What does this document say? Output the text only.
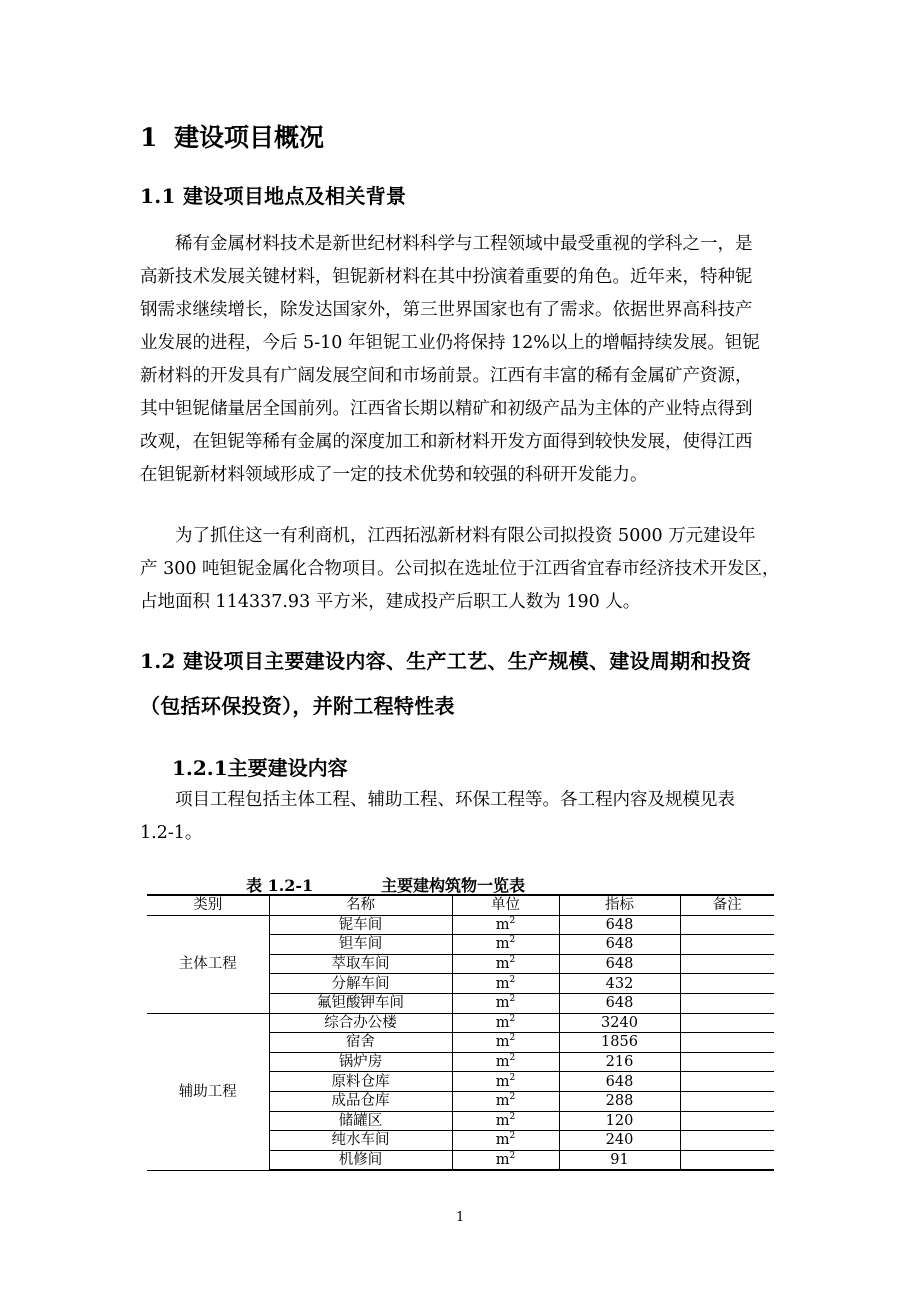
1 建设项目概况
1.1 建设项目地点及相关背景
稀有金属材料技术是新世纪材料科学与工程领域中最受重视的学科之一，是
高新技术发展关键材料，钽铌新材料在其中扮演着重要的角色。近年来，特种铌
钢需求继续增长，除发达国家外，第三世界国家也有了需求。依据世界高科技产
业发展的进程，今后 5-10 年钽铌工业仍将保持 12%以上的增幅持续发展。钽铌
新材料的开发具有广阔发展空间和市场前景。江西有丰富的稀有金属矿产资源，
其中钽铌储量居全国前列。江西省长期以精矿和初级产品为主体的产业特点得到
改观，在钽铌等稀有金属的深度加工和新材料开发方面得到较快发展，使得江西
在钽铌新材料领域形成了一定的技术优势和较强的科研开发能力。
为了抓住这一有利商机，江西拓泓新材料有限公司拟投资 5000 万元建设年
产 300 吨钽铌金属化合物项目。公司拟在选址位于江西省宜春市经济技术开发区，
占地面积 114337.93 平方米，建成投产后职工人数为 190 人。
1.2 建设项目主要建设内容、生产工艺、生产规模、建设周期和投资
（包括环保投资），并附工程特性表
1.2.1主要建设内容
项目工程包括主体工程、辅助工程、环保工程等。各工程内容及规模见表
1.2-1。
表 1.2-1	主要建构筑物一览表
类别	名称	单位	指标	备注
主体工程	铌车间	$m^2$	648	
	钽车间	$m^2$	648	
	萃取车间	$m^2$	648	
	分解车间	$m^2$	432	
	氟钽酸钾车间	$m^2$	648	
辅助工程	综合办公楼	$m^2$	3240	
	宿舍	$m^2$	1856	
	锅炉房	$m^2$	216	
	原料仓库	$m^2$	648	
	成品仓库	$m^2$	288	
	储罐区	$m^2$	120	
	纯水车间	$m^2$	240	
	机修间	$m^2$	91	
1
